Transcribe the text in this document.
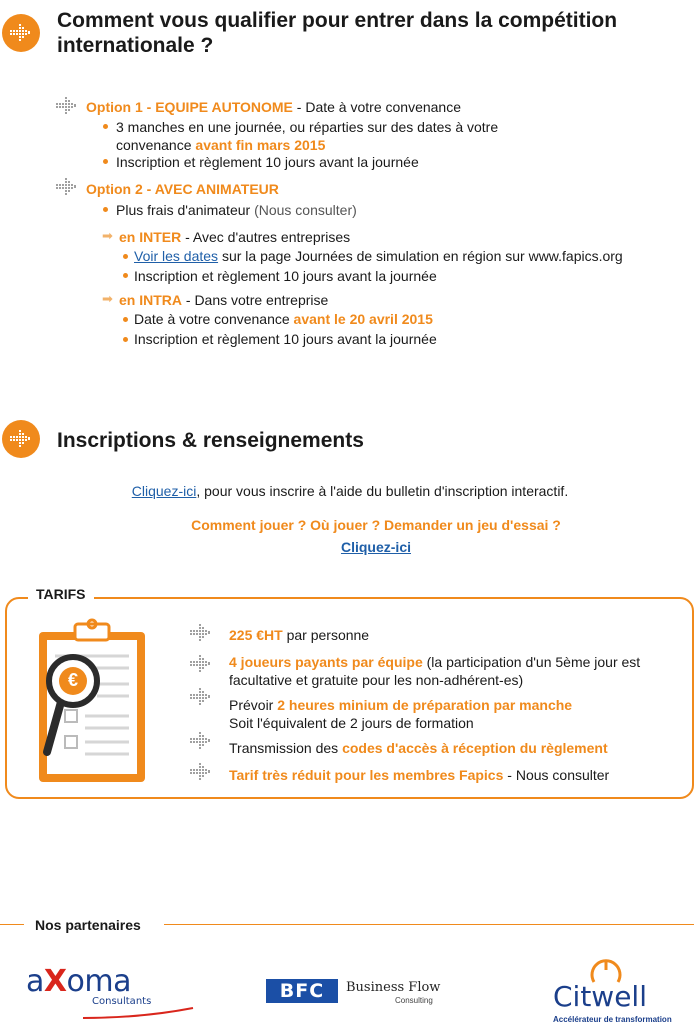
Comment vous qualifier pour entrer dans la compétition
internationale ?
Option 1 - EQUIPE AUTONOME - Date à votre convenance
3 manches en une journée, ou réparties sur des dates à votre
convenance avant fin mars 2015
Inscription et règlement 10 jours avant la journée
Option 2 - AVEC ANIMATEUR
Plus frais d'animateur (Nous consulter)
➡ en INTER - Avec d'autres entreprises
Voir les dates sur la page Journées de simulation en région sur www.fapics.org
Inscription et règlement 10 jours avant la journée
➡ en INTRA - Dans votre entreprise
Date à votre convenance avant le 20 avril 2015
Inscription et règlement 10 jours avant la journée
Inscriptions & renseignements
Cliquez-ici, pour vous inscrire à l'aide du bulletin d'inscription interactif.
Comment jouer ? Où jouer ? Demander un jeu d'essai ?
Cliquez-ici
TARIFS
€
225 €HT par personne
4 joueurs payants par équipe (la participation d'un 5ème jour est
facultative et gratuite pour les non-adhérent-es)
Prévoir 2 heures minium de préparation par manche
Soit l'équivalent de 2 jours de formation
Transmission des codes d'accès à réception du règlement
Tarif très réduit pour les membres Fapics - Nous consulter
Nos partenaires
aXoma
Consultants	BFC	Business Flow
Consulting	Citwell
Accélérateur de transformation
